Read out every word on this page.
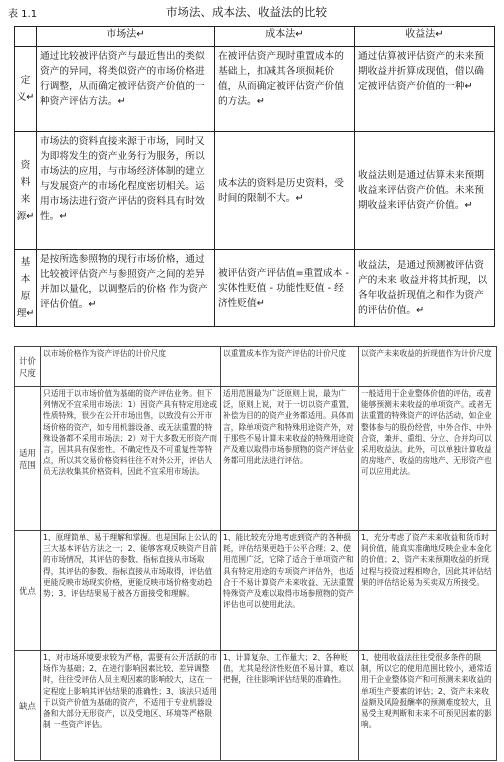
表 1.1	市场法、成本法、收益法的比较
	市场法↵	成本法↵	收益法↵
定义↵	通过比较被评估资产与最近售出的类似资产的异同，将类似资产的市场价格进行调整，从而确定被评估资产价值的一种资产评估方法。↵	在被评估资产现时重置成本的基础上，扣减其各项损耗价值，从而确定被评估资产价值的方法。↵	通过估算被评估资产的未来预期收益并折算成现值，借以确定被评估资产价值的一种↵
资料来源↵	市场法的资料直接来源于市场，同时又为即将发生的资产业务行为服务，所以市场法的应用，与市场经济体制的建立与发展资产的市场化程度密切相关。运用市场法进行资产评估的资料具有时效性。↵	成本法的资料是历史资料，受时间的限制不大。↵	收益法则是通过估算未来预期收益来评估资产价值。未来预期收益来评估资产价值。↵
基本原理↵	是按所选参照物的现行市场价格，通过比较被评估资产与参照资产之间的差异并加以量化，以调整后的价格 作为资产评估价值。↵	被评估资产评估值=重置成本 - 实体性贬值 - 功能性贬值 - 经济性贬值↵	收益法，是通过预测被评估资产的未来 收益并将其折现，以各年收益折现值之和作为资产的评估价值。↵
计价尺度	以市场价格作为资产评估的计价尺度	以重置成本作为资产评估的计价尺度	以资产未来收益的折现值作为计价尺度
适用范围	只适用于以市场价值为基础的资产评估业务。但下列情况不宜采用市场法：1）因资产具有特定用途或性质特殊，很少在公开市场出售，以致没有公开市场价格的资产，如专用机器设备、或无法重置的特殊设备都不采用市场法；2）对于大多数无形资产而言，因其具有保密性、不确定性及不可重复性等特点，所以其交易价格资料往往不对外公开，评估人员无法收集其价格资料，因此不宜采用市场法。	适用范围最为广泛原则上说，最为广泛，原则上说，对于一切以资产重置、补偿为目的的资产业务都适用。具体而言，除单项资产和特殊用途资产外，对于那些不易计算未来收益的特殊用途资产及难以取得市场参照物的资产评估业务都可用此法进行评估。	一般适用于企业整体价值的评估，或者能够预测未来收益的单项资产。或者无法重置的特殊资产的评估活动，如企业整体参与的股份经营，中外合作、中外合资，兼并、重组、分立、合并均可以采用收益法。此外，可以单独计算收益的房地产、收益的房地产、无形资产也可以应用此法。
优点	1、原理简单、易于理解和掌握。也是国际上公认的三大基本评估方法之一；2、能够客观反映资产目前的市场情况，其评估的参数、指标直接从市场取得，其评估的参数、指标直接从市场取得，评估值更能反映市场现实价格，更能反映市场价格变动趋势；3、评估结果易于被各方面接受和理解。	1、能比较充分地考虑到资产的各种损耗，评估结果更趋于公平合理；2、使用范围广泛，它除了适合于单项资产和具有特定用途的专项资产评估外，也适合于不易计算资产未来收益、无法重置特殊资产及难以取得市场参照物的资产评估也可以使用此法。	1、充分考虑了资产未来收益和货币时间价值，能真实准确地反映企业本金化的价值；2、资产未来预期收益的折现过程与投资过程相吻合，因此其评估结果的评估结论易为买卖双方所接受。
缺点	1、对市场环境要求较为严格，需要有公开活跃的市场作为基础；2、在进行影响因素比较、差异调整时，往往受评估人员主观因素的影响较大，这在一定程度上影响其评估结果的准确性；3、该法只适用于以资产价值为基础的资产，不适用于专业机器设备和大部分无形资产，以及受地区、环境等严格限制 一些资产评估。	1、计算复杂、工作量大；2、各种贬值，尤其是经济性贬值不易计算，难以把握，往往影响评估结果的准确性。	1、使用收益法往往受很多条件的限制，所以它的使用范围比较小，通常适用于企业整体资产和可预测未来收益的单项生产要素的评估；2、资产未来收益额及风险报酬率的预测难度较大，且易受主观判断和未来不可预见因素的影响。
